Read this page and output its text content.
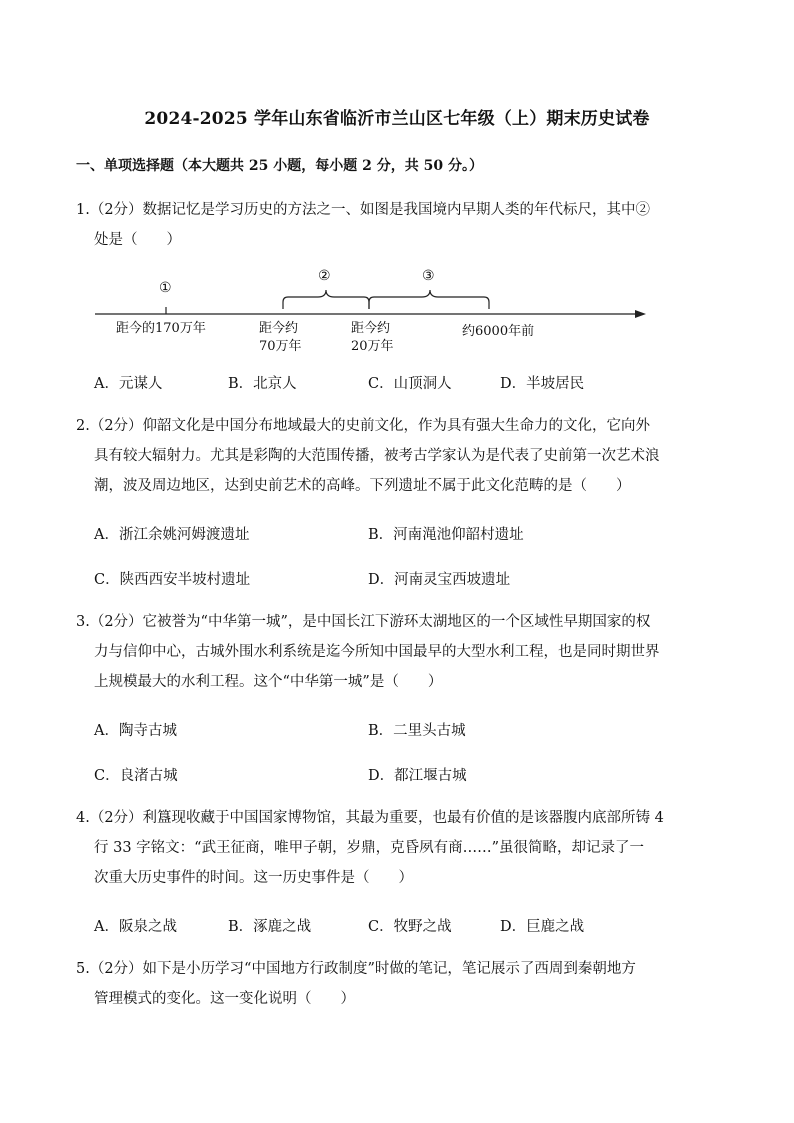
2024-2025 学年山东省临沂市兰山区七年级（上）期末历史试卷
一、单项选择题（本大题共 25 小题，每小题 2 分，共 50 分。）
1.（2分）数据记忆是学习历史的方法之一、如图是我国境内早期人类的年代标尺，其中②
处是（　　）
①
②	③
距今的170万年	距今约
70万年
距今约
20万年
约6000年前
A．元谋人	B．北京人	C．山顶洞人	D．半坡居民
2.（2分）仰韶文化是中国分布地域最大的史前文化，作为具有强大生命力的文化，它向外
具有较大辐射力。尤其是彩陶的大范围传播，被考古学家认为是代表了史前第一次艺术浪
潮，波及周边地区，达到史前艺术的高峰。下列遗址不属于此文化范畴的是（　　）
A．浙江余姚河姆渡遗址	B．河南渑池仰韶村遗址
C．陕西西安半坡村遗址	D．河南灵宝西坡遗址
3.（2分）它被誉为“中华第一城”，是中国长江下游环太湖地区的一个区域性早期国家的权
力与信仰中心，古城外围水利系统是迄今所知中国最早的大型水利工程，也是同时期世界
上规模最大的水利工程。这个“中华第一城”是（　　）
A．陶寺古城	B．二里头古城
C．良渚古城	D．都江堰古城
4.（2分）利簋现收藏于中国国家博物馆，其最为重要，也最有价值的是该器腹内底部所铸 4
行 33 字铭文：“武王征商，唯甲子朝，岁鼎，克昏夙有商……”虽很简略，却记录了一
次重大历史事件的时间。这一历史事件是（　　）
A．阪泉之战	B．涿鹿之战	C．牧野之战	D．巨鹿之战
5.（2分）如下是小历学习“中国地方行政制度”时做的笔记，笔记展示了西周到秦朝地方
管理模式的变化。这一变化说明（　　）
